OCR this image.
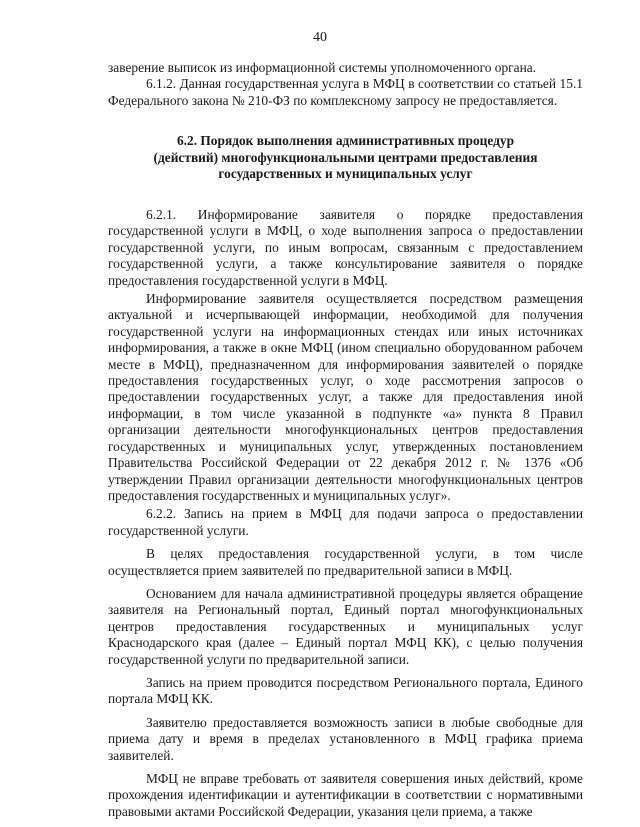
40

заверение выписок из информационной системы уполномоченного органа.

6.1.2. Данная государственная услуга в МФЦ в соответствии со статьей 15.1 Федерального закона № 210-ФЗ по комплексному запросу не предоставляется.

6.2. Порядок выполнения административных процедур (действий) многофункциональными центрами предоставления государственных и муниципальных услуг

6.2.1. Информирование заявителя о порядке предоставления государственной услуги в МФЦ, о ходе выполнения запроса о предоставлении государственной услуги, по иным вопросам, связанным с предоставлением государственной услуги, а также консультирование заявителя о порядке предоставления государственной услуги в МФЦ.

Информирование заявителя осуществляется посредством размещения актуальной и исчерпывающей информации, необходимой для получения государственной услуги на информационных стендах или иных источниках информирования, а также в окне МФЦ (ином специально оборудованном рабочем месте в МФЦ), предназначенном для информирования заявителей о порядке предоставления государственных услуг, о ходе рассмотрения запросов о предоставлении государственных услуг, а также для предоставления иной информации, в том числе указанной в подпункте «а» пункта 8 Правил организации деятельности многофункциональных центров предоставления государственных и муниципальных услуг, утвержденных постановлением Правительства Российской Федерации от 22 декабря 2012 г. № 1376 «Об утверждении Правил организации деятельности многофункциональных центров предоставления государственных и муниципальных услуг».

6.2.2. Запись на прием в МФЦ для подачи запроса о предоставлении государственной услуги.

В целях предоставления государственной услуги, в том числе осуществляется прием заявителей по предварительной записи в МФЦ.

Основанием для начала административной процедуры является обращение заявителя на Региональный портал, Единый портал многофункциональных центров предоставления государственных и муниципальных услуг Краснодарского края (далее – Единый портал МФЦ КК), с целью получения государственной услуги по предварительной записи.

Запись на прием проводится посредством Регионального портала, Единого портала МФЦ КК.

Заявителю предоставляется возможность записи в любые свободные для приема дату и время в пределах установленного в МФЦ графика приема заявителей.

МФЦ не вправе требовать от заявителя совершения иных действий, кроме прохождения идентификации и аутентификации в соответствии с нормативными правовыми актами Российской Федерации, указания цели приема, а также
